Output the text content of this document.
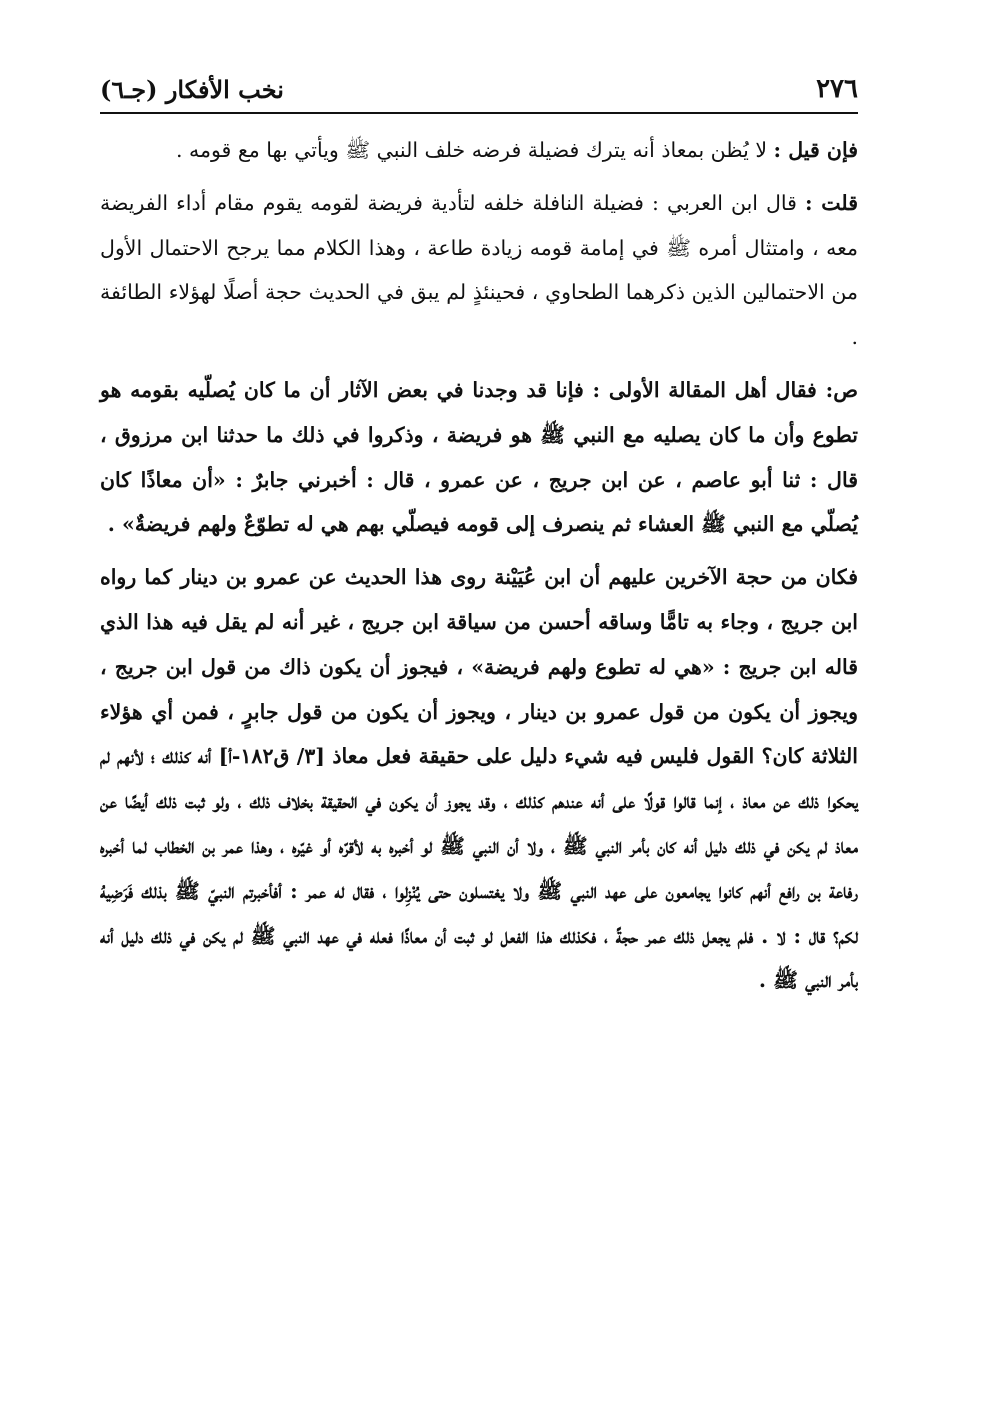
٢٧٦
نخب الأفكار (جـ٦)

فإن قيل : لا يُظن بمعاذ أنه يترك فضيلة فرضه خلف النبي ﷺ ويأتي بها مع قومه .

قلت : قال ابن العربي : فضيلة النافلة خلفه لتأدية فريضة لقومه يقوم مقام أداء الفريضة معه ، وامتثال أمره ﷺ في إمامة قومه زيادة طاعة ، وهذا الكلام مما يرجح الاحتمال الأول من الاحتمالين الذين ذكرهما الطحاوي ، فحينئذٍ لم يبق في الحديث حجة أصلًا لهؤلاء الطائفة .

ص: فقال أهل المقالة الأولى : فإنا قد وجدنا في بعض الآثار أن ما كان يُصلّيه بقومه هو تطوع وأن ما كان يصليه مع النبي ﷺ هو فريضة ، وذكروا في ذلك ما حدثنا ابن مرزوق ، قال : ثنا أبو عاصم ، عن ابن جريج ، عن عمرو ، قال : أخبرني جابرٌ : «أن معاذًا كان يُصلّي مع النبي ﷺ العشاء ثم ينصرف إلى قومه فيصلّي بهم هي له تطوّعٌ ولهم فريضةٌ» .

فكان من حجة الآخرين عليهم أن ابن عُيَيْنة روى هذا الحديث عن عمرو بن دينار كما رواه ابن جريج ، وجاء به تامًّا وساقه أحسن من سياقة ابن جريج ، غير أنه لم يقل فيه هذا الذي قاله ابن جريج : «هي له تطوع ولهم فريضة» ، فيجوز أن يكون ذاك من قول ابن جريج ، ويجوز أن يكون من قول عمرو بن دينار ، ويجوز أن يكون من قول جابرٍ ، فمن أي هؤلاء الثلاثة كان؟ القول فليس فيه شيء دليل على حقيقة فعل معاذ [٣/ ق١٨٢-أ] أنه كذلك ؛ لأنهم لم يحكوا ذلك عن معاذ ، إنما قالوا قولًا على أنه عندهم كذلك ، وقد يجوز أن يكون في الحقيقة بخلاف ذلك ، ولو ثبت ذلك أيضًا عن معاذ لم يكن في ذلك دليل أنه كان بأمر النبي ﷺ ، ولا أن النبي ﷺ لو أخبره به لأقرّه أو غيّره ، وهذا عمر بن الخطاب لما أخبره رفاعة بن رافع أنهم كانوا يجامعون على عهد النبي ﷺ ولا يغتسلون حتى يُنْزِلوا ، فقال له عمر : أفأخبرتم النبيّ ﷺ بذلك فَرَضِيهُ لكم؟ قال : لا . فلم يجعل ذلك عمر حجةً ، فكذلك هذا الفعل لو ثبت أن معاذًا فعله في عهد النبي ﷺ لم يكن في ذلك دليل أنه بأمر النبي ﷺ .
